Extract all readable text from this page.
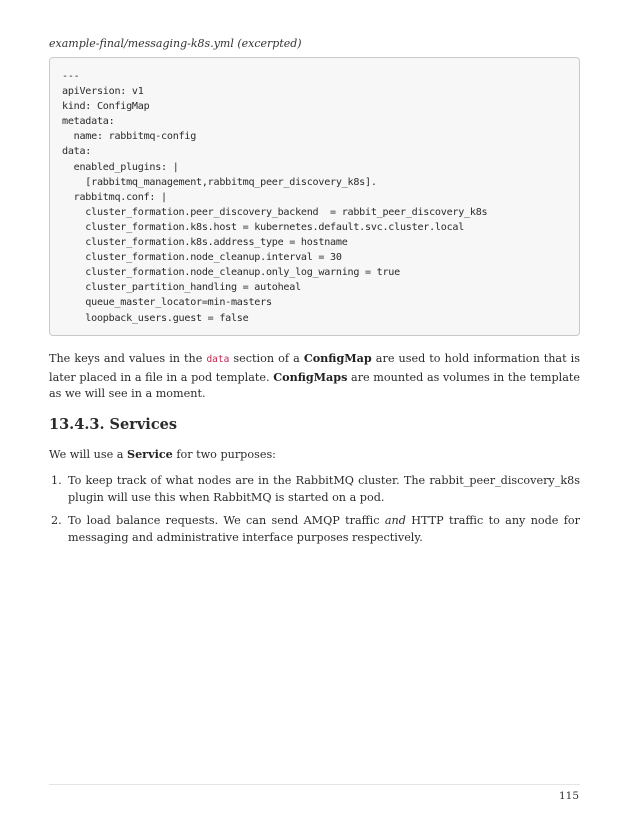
example-final/messaging-k8s.yml (excerpted)
---
apiVersion: v1
kind: ConfigMap
metadata:
name: rabbitmq-config
data:
enabled_plugins: |
[rabbitmq_management,rabbitmq_peer_discovery_k8s].
rabbitmq.conf: |
cluster_formation.peer_discovery_backend  = rabbit_peer_discovery_k8s
cluster_formation.k8s.host = kubernetes.default.svc.cluster.local
cluster_formation.k8s.address_type = hostname
cluster_formation.node_cleanup.interval = 30
cluster_formation.node_cleanup.only_log_warning = true
cluster_partition_handling = autoheal
queue_master_locator=min-masters
loopback_users.guest = false

The keys and values in the data section of a ConfigMap are used to hold information that is later placed in a file in a pod template. ConfigMaps are mounted as volumes in the template as we will see in a moment.

13.4.3. Services

We will use a Service for two purposes:

1. To keep track of what nodes are in the RabbitMQ cluster. The rabbit_peer_discovery_k8s plugin will use this when RabbitMQ is started on a pod.
2. To load balance requests. We can send AMQP traffic and HTTP traffic to any node for messaging and administrative interface purposes respectively.
115
